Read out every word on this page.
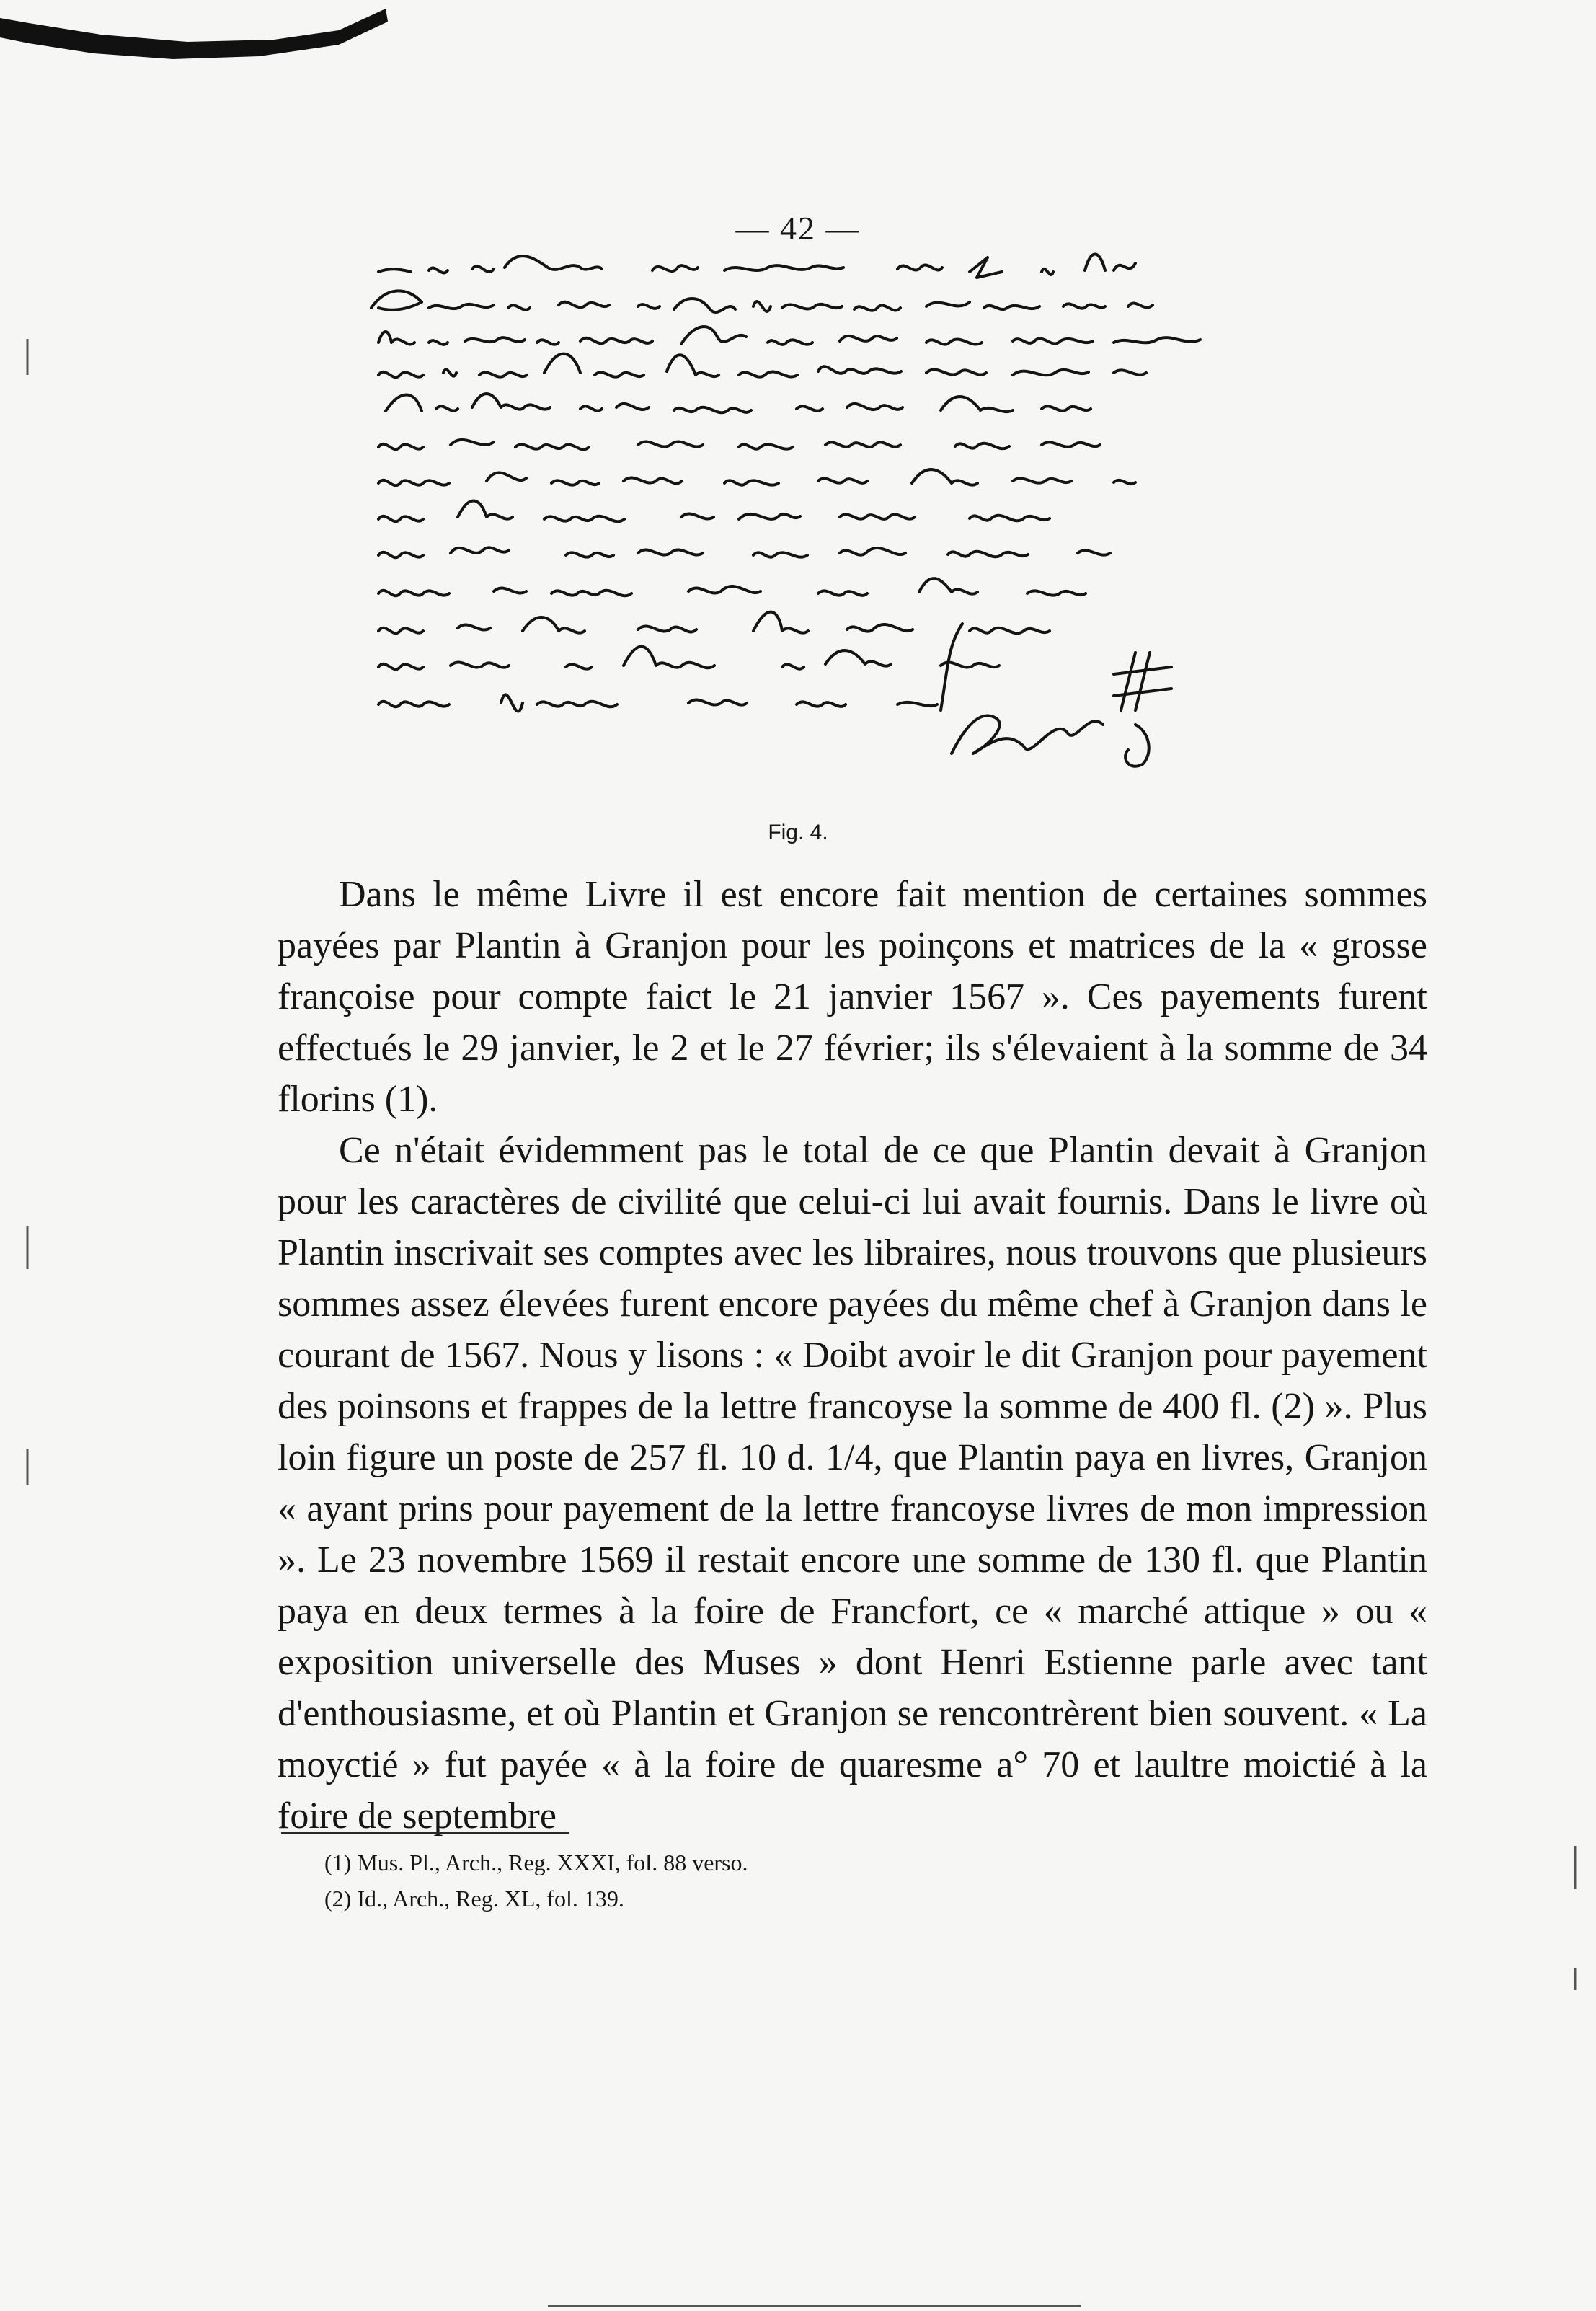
— 42 —
Fig. 4.

Dans le même Livre il est encore fait mention de certaines sommes payées par Plantin à Granjon pour les poinçons et matrices de la « grosse françoise pour compte faict le 21 janvier 1567 ». Ces payements furent effectués le 29 janvier, le 2 et le 27 février; ils s'élevaient à la somme de 34 florins (1).

Ce n'était évidemment pas le total de ce que Plantin devait à Granjon pour les caractères de civilité que celui-ci lui avait fournis. Dans le livre où Plantin inscrivait ses comptes avec les libraires, nous trouvons que plusieurs sommes assez élevées furent encore payées du même chef à Granjon dans le courant de 1567. Nous y lisons : « Doibt avoir le dit Granjon pour payement des poinsons et frappes de la lettre francoyse la somme de 400 fl. (2) ». Plus loin figure un poste de 257 fl. 10 d. 1/4, que Plantin paya en livres, Granjon « ayant prins pour payement de la lettre francoyse livres de mon impression ». Le 23 novembre 1569 il restait encore une somme de 130 fl. que Plantin paya en deux termes à la foire de Francfort, ce « marché attique » ou « exposition universelle des Muses » dont Henri Estienne parle avec tant d'enthousiasme, et où Plantin et Granjon se rencontrèrent bien souvent. « La moyctié » fut payée « à la foire de quaresme a° 70 et laultre moictié à la foire de septembre

(1) Mus. Pl., Arch., Reg. XXXI, fol. 88 verso.
(2) Id., Arch., Reg. XL, fol. 139.
